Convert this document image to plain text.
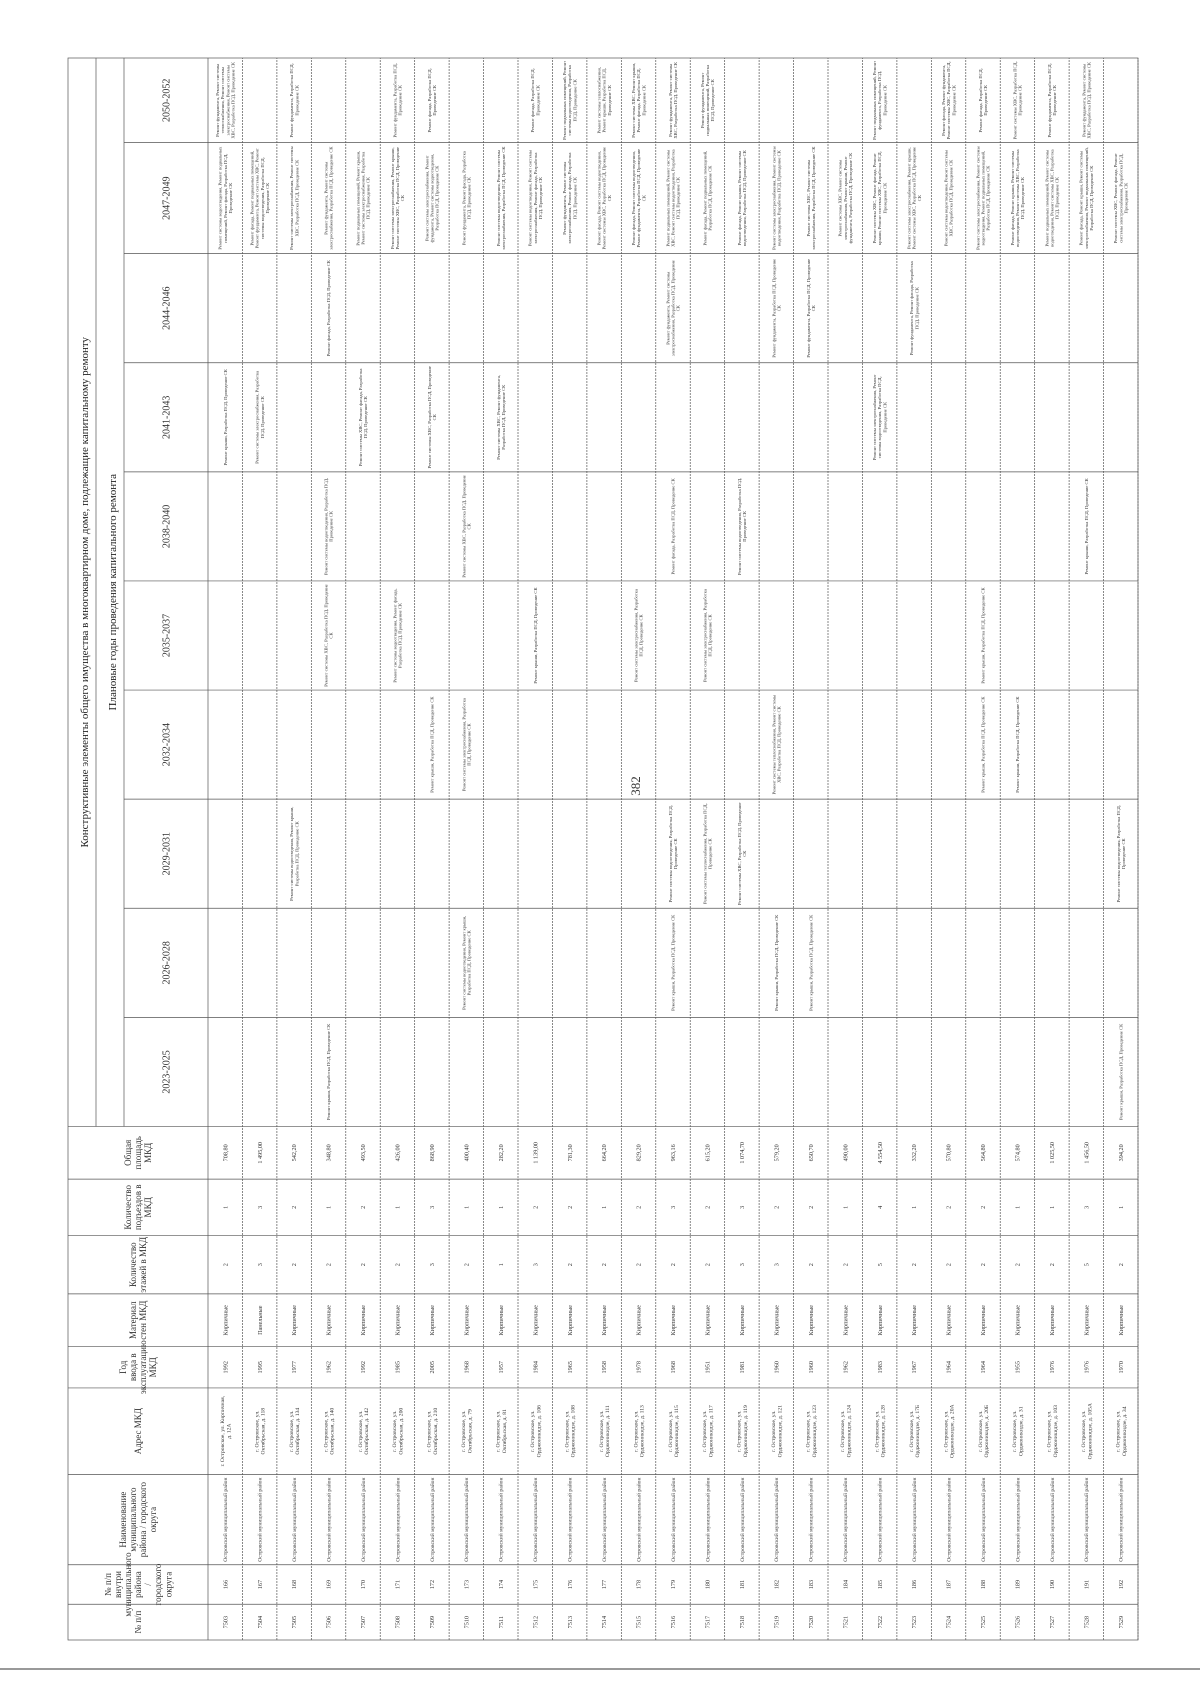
Конструктивные элементы общего имущества в многоквартирном доме, подлежащие капитальному ремонту Плановые годы проведения капитального ремонта
№ п/п
№ п/пвнутримуниципальногорайона/городскогоокруга
Наименованиемуниципальногорайона / городскогоокруга
Адрес МКД
Годввода вэксплуатациюМКД
Материалстен МКД
Количествоэтажей в МКД
Количествоподъездов вМКД
ОбщаяплощадьМКД
2023-2025
2026-2028
2029-2031
2032-2034
2035-2037
2038-2040
2041-2043
2044-2046
2047-2049
2050-2052
7503
166
Островский муниципальный район
г. Островское, ул. Кирпичная,д. 12А
1992
Кирпичные
2
1
708,80
Ремонт крыши, Разработка ПСД, Проведение СК
Ремонт системы водоотведения, Ремонт подвальныхпомещений, Ремонт фасада, Разработка ПСД,Проведение СК
Ремонт фундамента, Ремонт системытеплоснабжения, Ремонт системыэлектроснабжения, Ремонт системыХВС, Разработка ПСД, Проведение СК
7504
167
Островский муниципальный район
г. Островское, ул.Октябрьская, д. 118
1995
Панельные
3
3
1 495,00
Ремонт системы электроснабжения, РазработкаПСД, Проведение СК
Ремонт фасада, Ремонт подвальных помещений,Ремонт фундамента, Ремонт системы ХВС, Ремонтсистемы водоотведения, Разработка ПСД,Проведение СК
7505
168
Островский муниципальный район
г. Островское, ул.Октябрьская, д. 134
1977
Кирпичные
2
2
542,20
Ремонт системы водоотведения, Ремонт крыши,Разработка ПСД, Проведение СК
Ремонт системы электроснабжения, Ремонт системыХВС, Разработка ПСД, Проведение СК
Ремонт фундамента, Разработка ПСД,Проведение СК
7506
169
Островский муниципальный район
г. Островское, ул.Октябрьская, д. 140
1962
Кирпичные
2
1
348,80
Ремонт крыши, Разработка ПСД, Проведение СК
Ремонт системы ХВС, Разработка ПСД, ПроведениеСК
Ремонт системы водоотведения, Разработка ПСД,Проведение СК
Ремонт фасада, Разработка ПСД, Проведение СК
Ремонт фундамента, Ремонт системыэлектроснабжения, Разработка ПСД, Проведение СК
7507
170
Островский муниципальный район
г. Островское, ул.Октябрьская, д. 142
1992
Кирпичные
2
2
493,50
Ремонт системы ХВС, Ремонт фасада, РазработкаПСД, Проведение СК
Ремонт подвальных помещений, Ремонт крыши,Ремонт системы электроснабжения, РазработкаПСД, Проведение СК
7508
171
Островский муниципальный район
г. Островское, ул.Октябрьская, д. 200
1985
Кирпичные
2
1
426,00
Ремонт системы водоотведения, Ремонт фасада,Разработка ПСД, Проведение СК
Ремонт системы электроснабжения, Ремонт крыши,Ремонт системы ХВС, Разработка ПСД, ПроведениеСК
Ремонт фундамента, Разработка ПСД,Проведение СК
7509
172
Островский муниципальный район
г. Островское, ул.Октябрьская, д. 210
2005
Кирпичные
3
3
868,90
Ремонт крыши, Разработка ПСД, Проведение СК
Ремонт системы ХВС, Разработка ПСД, ПроведениеСК
Ремонт системы электроснабжения, Ремонтфундамента, Ремонт системы водоотведения,Разработка ПСД, Проведение СК
Ремонт фасада, Разработка ПСД,Проведение СК
7510
173
Островский муниципальный район
г. Островское, ул.Октябрьская, д. 79
1968
Кирпичные
2
1
400,40
Ремонт системы водоотведения, Ремонт крыши,Разработка ПСД, Проведение СК
Ремонт системы электроснабжения, РазработкаПСД, Проведение СК
Ремонт системы ХВС, Разработка ПСД, ПроведениеСК
Ремонт фундамента, Ремонт фасада, РазработкаПСД, Проведение СК
7511
174
Островский муниципальный район
г. Островское, ул.Октябрьская, д. 81
1957
Кирпичные
1
1
282,20
Ремонт системы ХВС, Ремонт фундамента,Разработка ПСД, Проведение СК
Ремонт системы водоотведения, Ремонт системыэлектроснабжения, Разработка ПСД, Проведение СК
7512
175
Островский муниципальный район
г. Островское, ул.Орджоникидзе, д. 106
1984
Кирпичные
3
2
1 139,00
Ремонт крыши, Разработка ПСД, Проведение СК
Ремонт системы водоотведения, Ремонт системыэлектроснабжения, Ремонт фасада, РазработкаПСД, Проведение СК
Ремонт фасада, Разработка ПСД,Проведение СК
7513
176
Островский муниципальный район
г. Островское, ул.Орджоникидзе, д. 108
1965
Кирпичные
2
2
781,30
Ремонт фундамента, Ремонт системыэлектроснабжения, Ремонт фасада, РазработкаПСД, Проведение СК
Ремонт подвальных помещений, Ремонтсистемы водоотведения, РазработкаПСД, Проведение СК
7514
177
Островский муниципальный район
г. Островское, ул.Орджоникидзе, д. 111
1958
Кирпичные
2
1
664,20
Ремонт фасада, Ремонт системы водоотведения,Ремонт системы ХВС, Разработка ПСД, ПроведениеСК
Ремонт системы теплоснабжения,Ремонт крыши, Разработка ПСД,Проведение СК
7515
178
Островский муниципальный район
г. Островское, ул.Орджоникидзе, д. 113
1978
Кирпичные
2
2
829,20
Ремонт системы электроснабжения, РазработкаПСД, Проведение СК
Ремонт фасада, Ремонт системы водоотведения,Ремонт фундамента, Разработка ПСД, ПроведениеСК
Ремонт системы ХВС, Ремонт крыши,Ремонт фасада, Разработка ПСД,Проведение СК
7516
179
Островский муниципальный район
г. Островское, ул.Орджоникидзе, д. 115
1968
Кирпичные
2
3
963,16
Ремонт крыши, Разработка ПСД, Проведение СК
Ремонт системы водоотведения, Разработка ПСД,Проведение СК
Ремонт фасада, Разработка ПСД, Проведение СК
Ремонт фундамента, Ремонт системыэлектроснабжения, Разработка ПСД, ПроведениеСК
Ремонт подвальных помещений, Ремонт системыХВС, Ремонт системы водоотведения, РазработкаПСД, Проведение СК
Ремонт фундамента, Ремонт системыХВС, Разработка ПСД, Проведение СК
7517
180
Островский муниципальный район
г. Островское, ул.Орджоникидзе, д. 117
1951
Кирпичные
2
2
615,20
Ремонт системы теплоснабжения, Разработка ПСД,Проведение СК
Ремонт системы электроснабжения, РазработкаПСД, Проведение СК
Ремонт фасада, Ремонт подвальных помещений,Разработка ПСД, Проведение СК
Ремонт фундамента, Ремонтподвальных помещений, РазработкаПСД, Проведение СК
7518
181
Островский муниципальный район
г. Островское, ул.Орджоникидзе, д. 119
1981
Кирпичные
3
3
1 074,70
Ремонт системы ХВС, Разработка ПСД, ПроведениеСК
Ремонт системы водоотведения, Разработка ПСД,Проведение СК
Ремонт фасада, Ремонт крыши, Ремонт системыводоотведения, Разработка ПСД, Проведение СК
7519
182
Островский муниципальный район
г. Островское, ул.Орджоникидзе, д. 121
1960
Кирпичные
3
2
579,20
Ремонт крыши, Разработка ПСД, Проведение СК
Ремонт системы теплоснабжения, Ремонт системыХВС, Разработка ПСД, Проведение СК
Ремонт фундамента, Разработка ПСД, ПроведениеСК
Ремонт системы электроснабжения, Ремонт системыводоотведения, Разработка ПСД, Проведение СК
7520
183
Островский муниципальный район
г. Островское, ул.Орджоникидзе, д. 123
1960
Кирпичные
2
2
650,70
Ремонт крыши, Разработка ПСД, Проведение СК
Ремонт фундамента, Разработка ПСД, ПроведениеСК
Ремонт системы ХВС, Ремонт системыэлектроснабжения, Разработка ПСД, Проведение СК
7521
184
Островский муниципальный район
г. Островское, ул.Орджоникидзе, д. 124
1962
Кирпичные
2
1
490,00
Ремонт системы ХВС, Ремонт системыэлектроснабжения, Ремонт крыши, Ремонтфундамента, Разработка ПСД, Проведение СК
7522
185
Островский муниципальный район
г. Островское, ул.Орджоникидзе, д. 128
1983
Кирпичные
5
4
4 554,50
Ремонт системы электроснабжения, Ремонтсистемы водоотведения, Разработка ПСД,Проведение СК
Ремонт системы ХВС, Ремонт фасада, Ремонткрыши, Ремонт системы ХВС, Разработка ПСД,Проведение СК
Ремонт подвальных помещений, Ремонтфундамента, Разработка ПСД,Проведение СК
7523
186
Островский муниципальный район
г. Островское, ул.Орджоникидзе, д. 17Б
1967
Кирпичные
2
1
332,20
Ремонт фундамента, Ремонт фасада, РазработкаПСД, Проведение СК
Ремонт системы электроснабжения, Ремонт крыши,Ремонт системы ХВС, Разработка ПСД, ПроведениеСК
7524
187
Островский муниципальный район
г. Островское, ул.Орджоникидзе, д. 20А
1964
Кирпичные
2
2
570,80
Ремонт системы водоотведения, Ремонт системыХВС, Разработка ПСД, Проведение СК
Ремонт фасада, Ремонт фундамента,Ремонт системы ХВС, Разработка ПСД,Проведение СК
7525
188
Островский муниципальный район
г. Островское, ул.Орджоникидзе, д. 20Б
1964
Кирпичные
2
2
564,80
Ремонт крыши, Разработка ПСД, Проведение СК
Ремонт крыши, Разработка ПСД, Проведение СК
Ремонт системы электроснабжения, Ремонт системыводоотведения, Ремонт подвальных помещений,Разработка ПСД, Проведение СК
Ремонт фасада, Разработка ПСД,Проведение СК
7526
189
Островский муниципальный район
г. Островское, ул.Орджоникидзе, д. 31
1955
Кирпичные
2
1
574,80
Ремонт крыши, Разработка ПСД, Проведение СК
Ремонт фасада, Ремонт крыши, Ремонт системыводоотведения, Ремонт системы ХВС, РазработкаПСД, Проведение СК
Ремонт системы ХВС, Разработка ПСД,Проведение СК
7527
190
Островский муниципальный район
г. Островское, ул.Орджоникидзе, д. 103
1976
Кирпичные
2
1
1 025,50
Ремонт подвальных помещений, Ремонт системыводоотведения, Ремонт системы ХВС, РазработкаПСД, Проведение СК
Ремонт фундамента, Разработка ПСД,Проведение СК
7528
191
Островский муниципальный район
г. Островское, ул.Орджоникидзе, д. 105А
1976
Кирпичные
5
3
1 456,50
Ремонт крыши, Разработка ПСД, Проведение СК
Ремонт фасада, Ремонт крыши, Ремонт системыэлектроснабжения, Ремонт подвальных помещений,Разработка ПСД, Проведение СК
Ремонт фундамента, Ремонт системыХВС, Разработка ПСД, Проведение СК
7529
192
Островский муниципальный район
г. Островское, ул.Орджоникидзе, д. 34
1970
Кирпичные
2
1
394,20
Ремонт крыши, Разработка ПСД, Проведение СК
Ремонт системы водоотведения, Разработка ПСД,Проведение СК
Ремонт системы ХВС, Ремонт фасада, Ремонтсистемы электроснабжения, Разработка ПСД,Проведение СК
382
